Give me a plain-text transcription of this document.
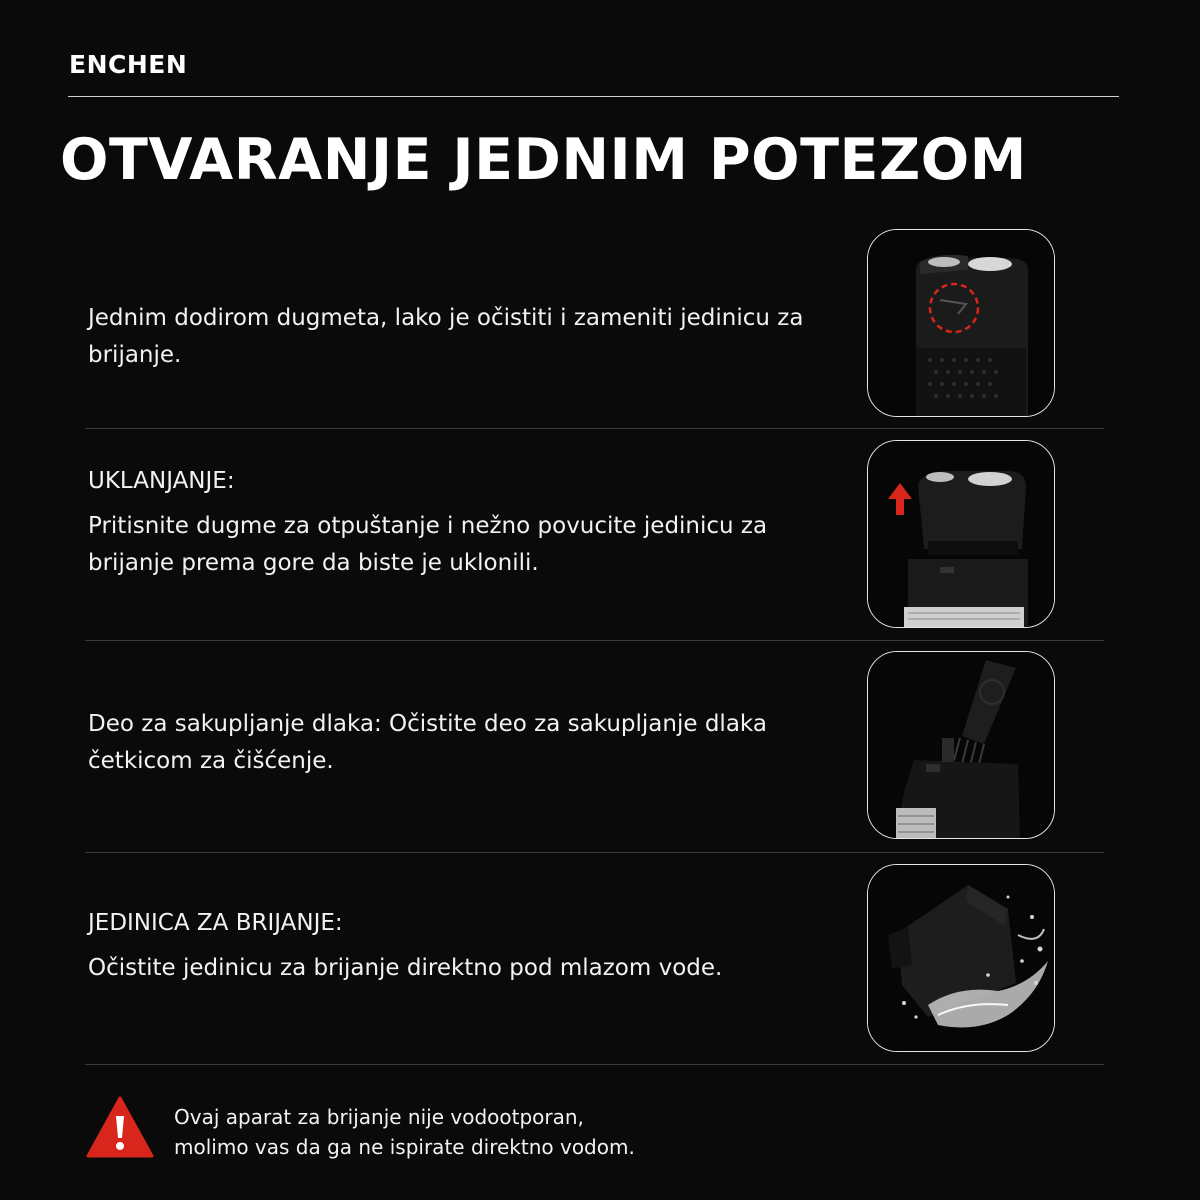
ENCHEN
OTVARANJE JEDNIM POTEZOM
Jednim dodirom dugmeta, lako je očistiti i zameniti jedinicu za brijanje.
UKLANJANJE:
Pritisnite dugme za otpuštanje i nežno povucite jedinicu za brijanje prema gore da biste je uklonili.
Deo za sakupljanje dlaka: Očistite deo za sakupljanje dlaka četkicom za čišćenje.
JEDINICA ZA BRIJANJE:
Očistite jedinicu za brijanje direktno pod mlazom vode.
Ovaj aparat za brijanje nije vodootporan,
molimo vas da ga ne ispirate direktno vodom.
